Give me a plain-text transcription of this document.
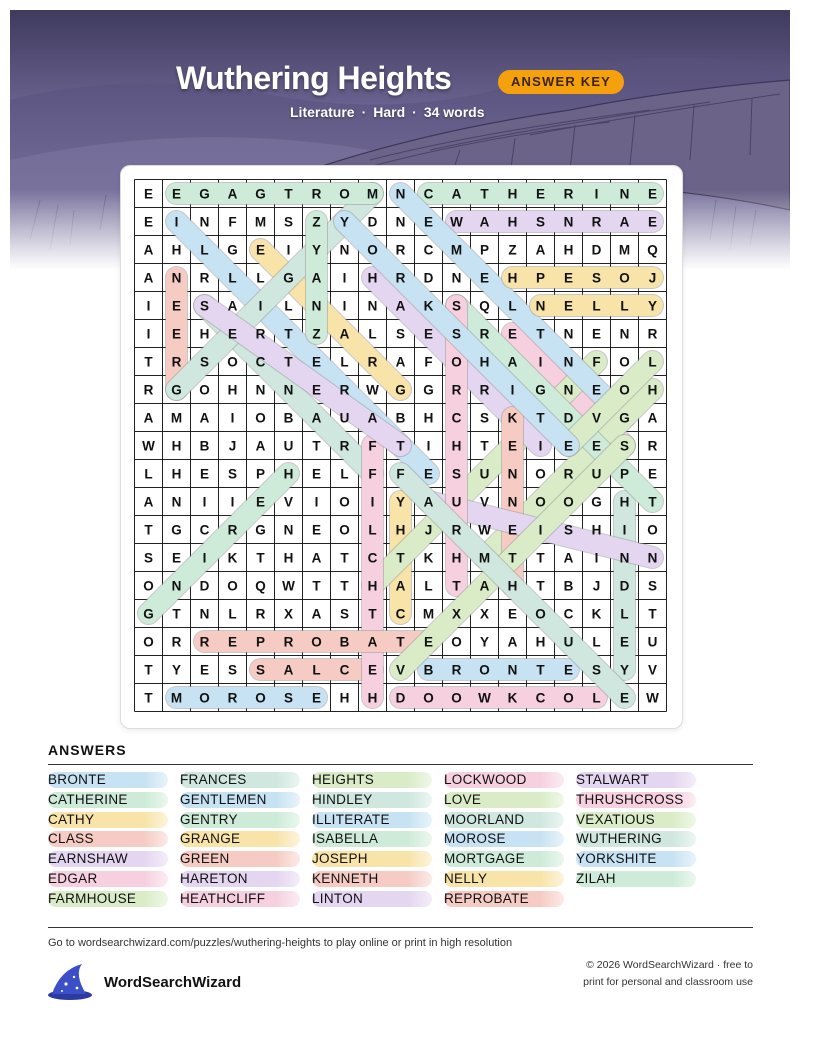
Wuthering Heights	ANSWER KEY
Literature · Hard · 34 words
E E G A G T R O M N C A T H E R I N E
E I N F M S Z Y D N E W A H S N R A E
A H L G E I Y N O R C M P Z A H D M Q
A N R L L G A I H R D N E H P E S O J
I E S A I L N I N A K S Q L N E L L Y
I E H E R T Z A L S E S R E T N E N R
T R S O C T E L R A F O H A I N F O L
R G O H N N E R W G G R R I G N E O H
A M A I O B A U A B H C S K T D V G A
W H B J A U T R F T I H T E I E E S R
L H E S P H E L F F E S U N O R U P E
A N I I E V I O I Y A U V N O O G H T
T G C R G N E O L H J R W E I S H I O
S E I K T H A T C T K H M T T A I N N
O N D O Q W T T H A L T A H T B J D S
G T N L R X A S T C M X X E O C K L T
O R R E P R O B A T E O Y A H U L E U
T Y E S S A L C E V B R O N T E S Y V
T M O R O S E H H D O O W K C O L E W
ANSWERS
BRONTE
CATHERINE
CATHY
CLASS
EARNSHAW
EDGAR
FARMHOUSE
FRANCES
GENTLEMEN
GENTRY
GRANGE
GREEN
HARETON
HEATHCLIFF
HEIGHTS
HINDLEY
ILLITERATE
ISABELLA
JOSEPH
KENNETH
LINTON
LOCKWOOD
LOVE
MOORLAND
MOROSE
MORTGAGE
NELLY
REPROBATE
STALWART
THRUSHCROSS
VEXATIOUS
WUTHERING
YORKSHITE
ZILAH
Go to wordsearchwizard.com/puzzles/wuthering-heights to play online or print in high resolution
WordSearchWizard
© 2026 WordSearchWizard · free to print for personal and classroom use
